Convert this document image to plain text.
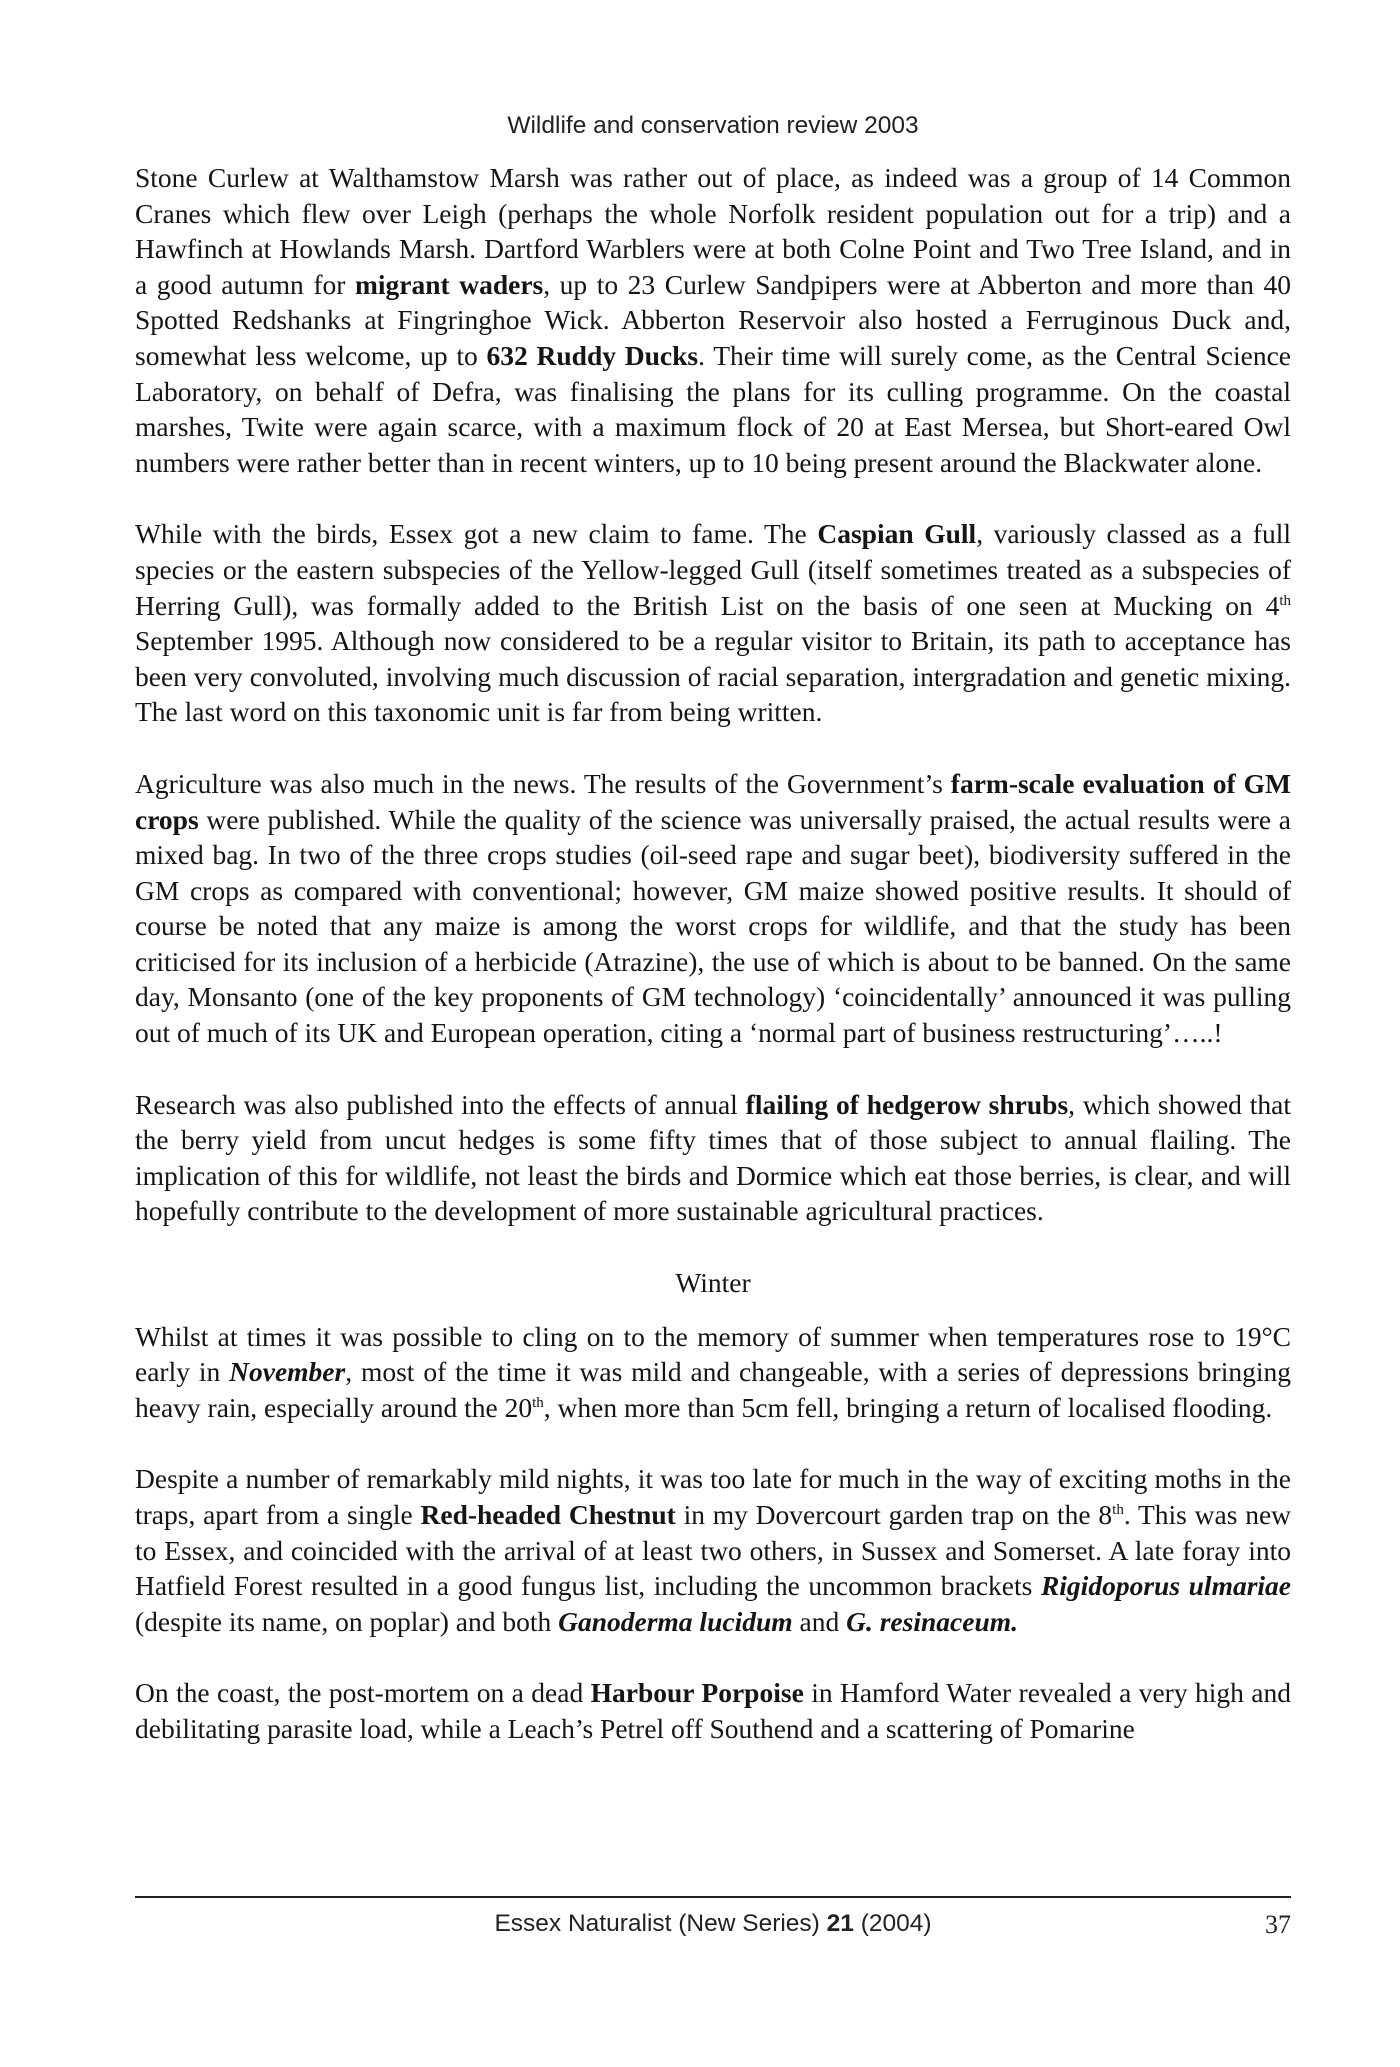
Wildlife and conservation review 2003

Stone Curlew at Walthamstow Marsh was rather out of place, as indeed was a group of 14 Common Cranes which flew over Leigh (perhaps the whole Norfolk resident population out for a trip) and a Hawfinch at Howlands Marsh. Dartford Warblers were at both Colne Point and Two Tree Island, and in a good autumn for migrant waders, up to 23 Curlew Sandpipers were at Abberton and more than 40 Spotted Redshanks at Fingringhoe Wick. Abberton Reservoir also hosted a Ferruginous Duck and, somewhat less welcome, up to 632 Ruddy Ducks. Their time will surely come, as the Central Science Laboratory, on behalf of Defra, was finalising the plans for its culling programme. On the coastal marshes, Twite were again scarce, with a maximum flock of 20 at East Mersea, but Short-eared Owl numbers were rather better than in recent winters, up to 10 being present around the Blackwater alone.

While with the birds, Essex got a new claim to fame. The Caspian Gull, variously classed as a full species or the eastern subspecies of the Yellow-legged Gull (itself sometimes treated as a subspecies of Herring Gull), was formally added to the British List on the basis of one seen at Mucking on 4th September 1995. Although now considered to be a regular visitor to Britain, its path to acceptance has been very convoluted, involving much discussion of racial separation, intergradation and genetic mixing. The last word on this taxonomic unit is far from being written.

Agriculture was also much in the news. The results of the Government’s farm-scale evaluation of GM crops were published. While the quality of the science was universally praised, the actual results were a mixed bag. In two of the three crops studies (oil-seed rape and sugar beet), biodiversity suffered in the GM crops as compared with conventional; however, GM maize showed positive results. It should of course be noted that any maize is among the worst crops for wildlife, and that the study has been criticised for its inclusion of a herbicide (Atrazine), the use of which is about to be banned. On the same day, Monsanto (one of the key proponents of GM technology) ‘coincidentally’ announced it was pulling out of much of its UK and European operation, citing a ‘normal part of business restructuring’…..!

Research was also published into the effects of annual flailing of hedgerow shrubs, which showed that the berry yield from uncut hedges is some fifty times that of those subject to annual flailing. The implication of this for wildlife, not least the birds and Dormice which eat those berries, is clear, and will hopefully contribute to the development of more sustainable agricultural practices.

Winter

Whilst at times it was possible to cling on to the memory of summer when temperatures rose to 19°C early in November, most of the time it was mild and changeable, with a series of depressions bringing heavy rain, especially around the 20th, when more than 5cm fell, bringing a return of localised flooding.

Despite a number of remarkably mild nights, it was too late for much in the way of exciting moths in the traps, apart from a single Red-headed Chestnut in my Dovercourt garden trap on the 8th. This was new to Essex, and coincided with the arrival of at least two others, in Sussex and Somerset. A late foray into Hatfield Forest resulted in a good fungus list, including the uncommon brackets Rigidoporus ulmariae (despite its name, on poplar) and both Ganoderma lucidum and G. resinaceum.

On the coast, the post-mortem on a dead Harbour Porpoise in Hamford Water revealed a very high and debilitating parasite load, while a Leach’s Petrel off Southend and a scattering of Pomarine

Essex Naturalist (New Series) 21 (2004)	37
